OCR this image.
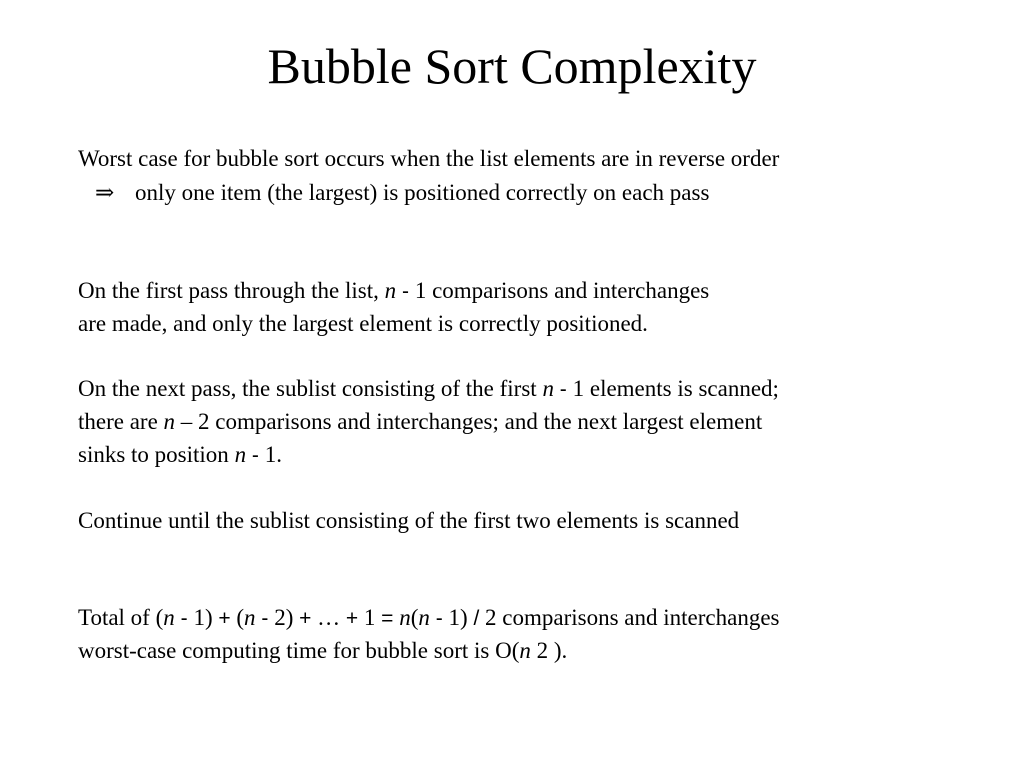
Bubble Sort Complexity

Worst case for bubble sort occurs when the list elements are in reverse order

⇒ only one item (the largest) is positioned correctly on each pass

On the first pass through the list, n - 1 comparisons and interchanges

are made, and only the largest element is correctly positioned.

On the next pass, the sublist consisting of the first n - 1 elements is scanned;

there are n – 2 comparisons and interchanges; and the next largest element

sinks to position n - 1.

Continue until the sublist consisting of the first two elements is scanned

Total of (n - 1) + (n - 2) + … + 1 = n(n - 1) / 2 comparisons and interchanges

worst-case computing time for bubble sort is O(n 2 ).
